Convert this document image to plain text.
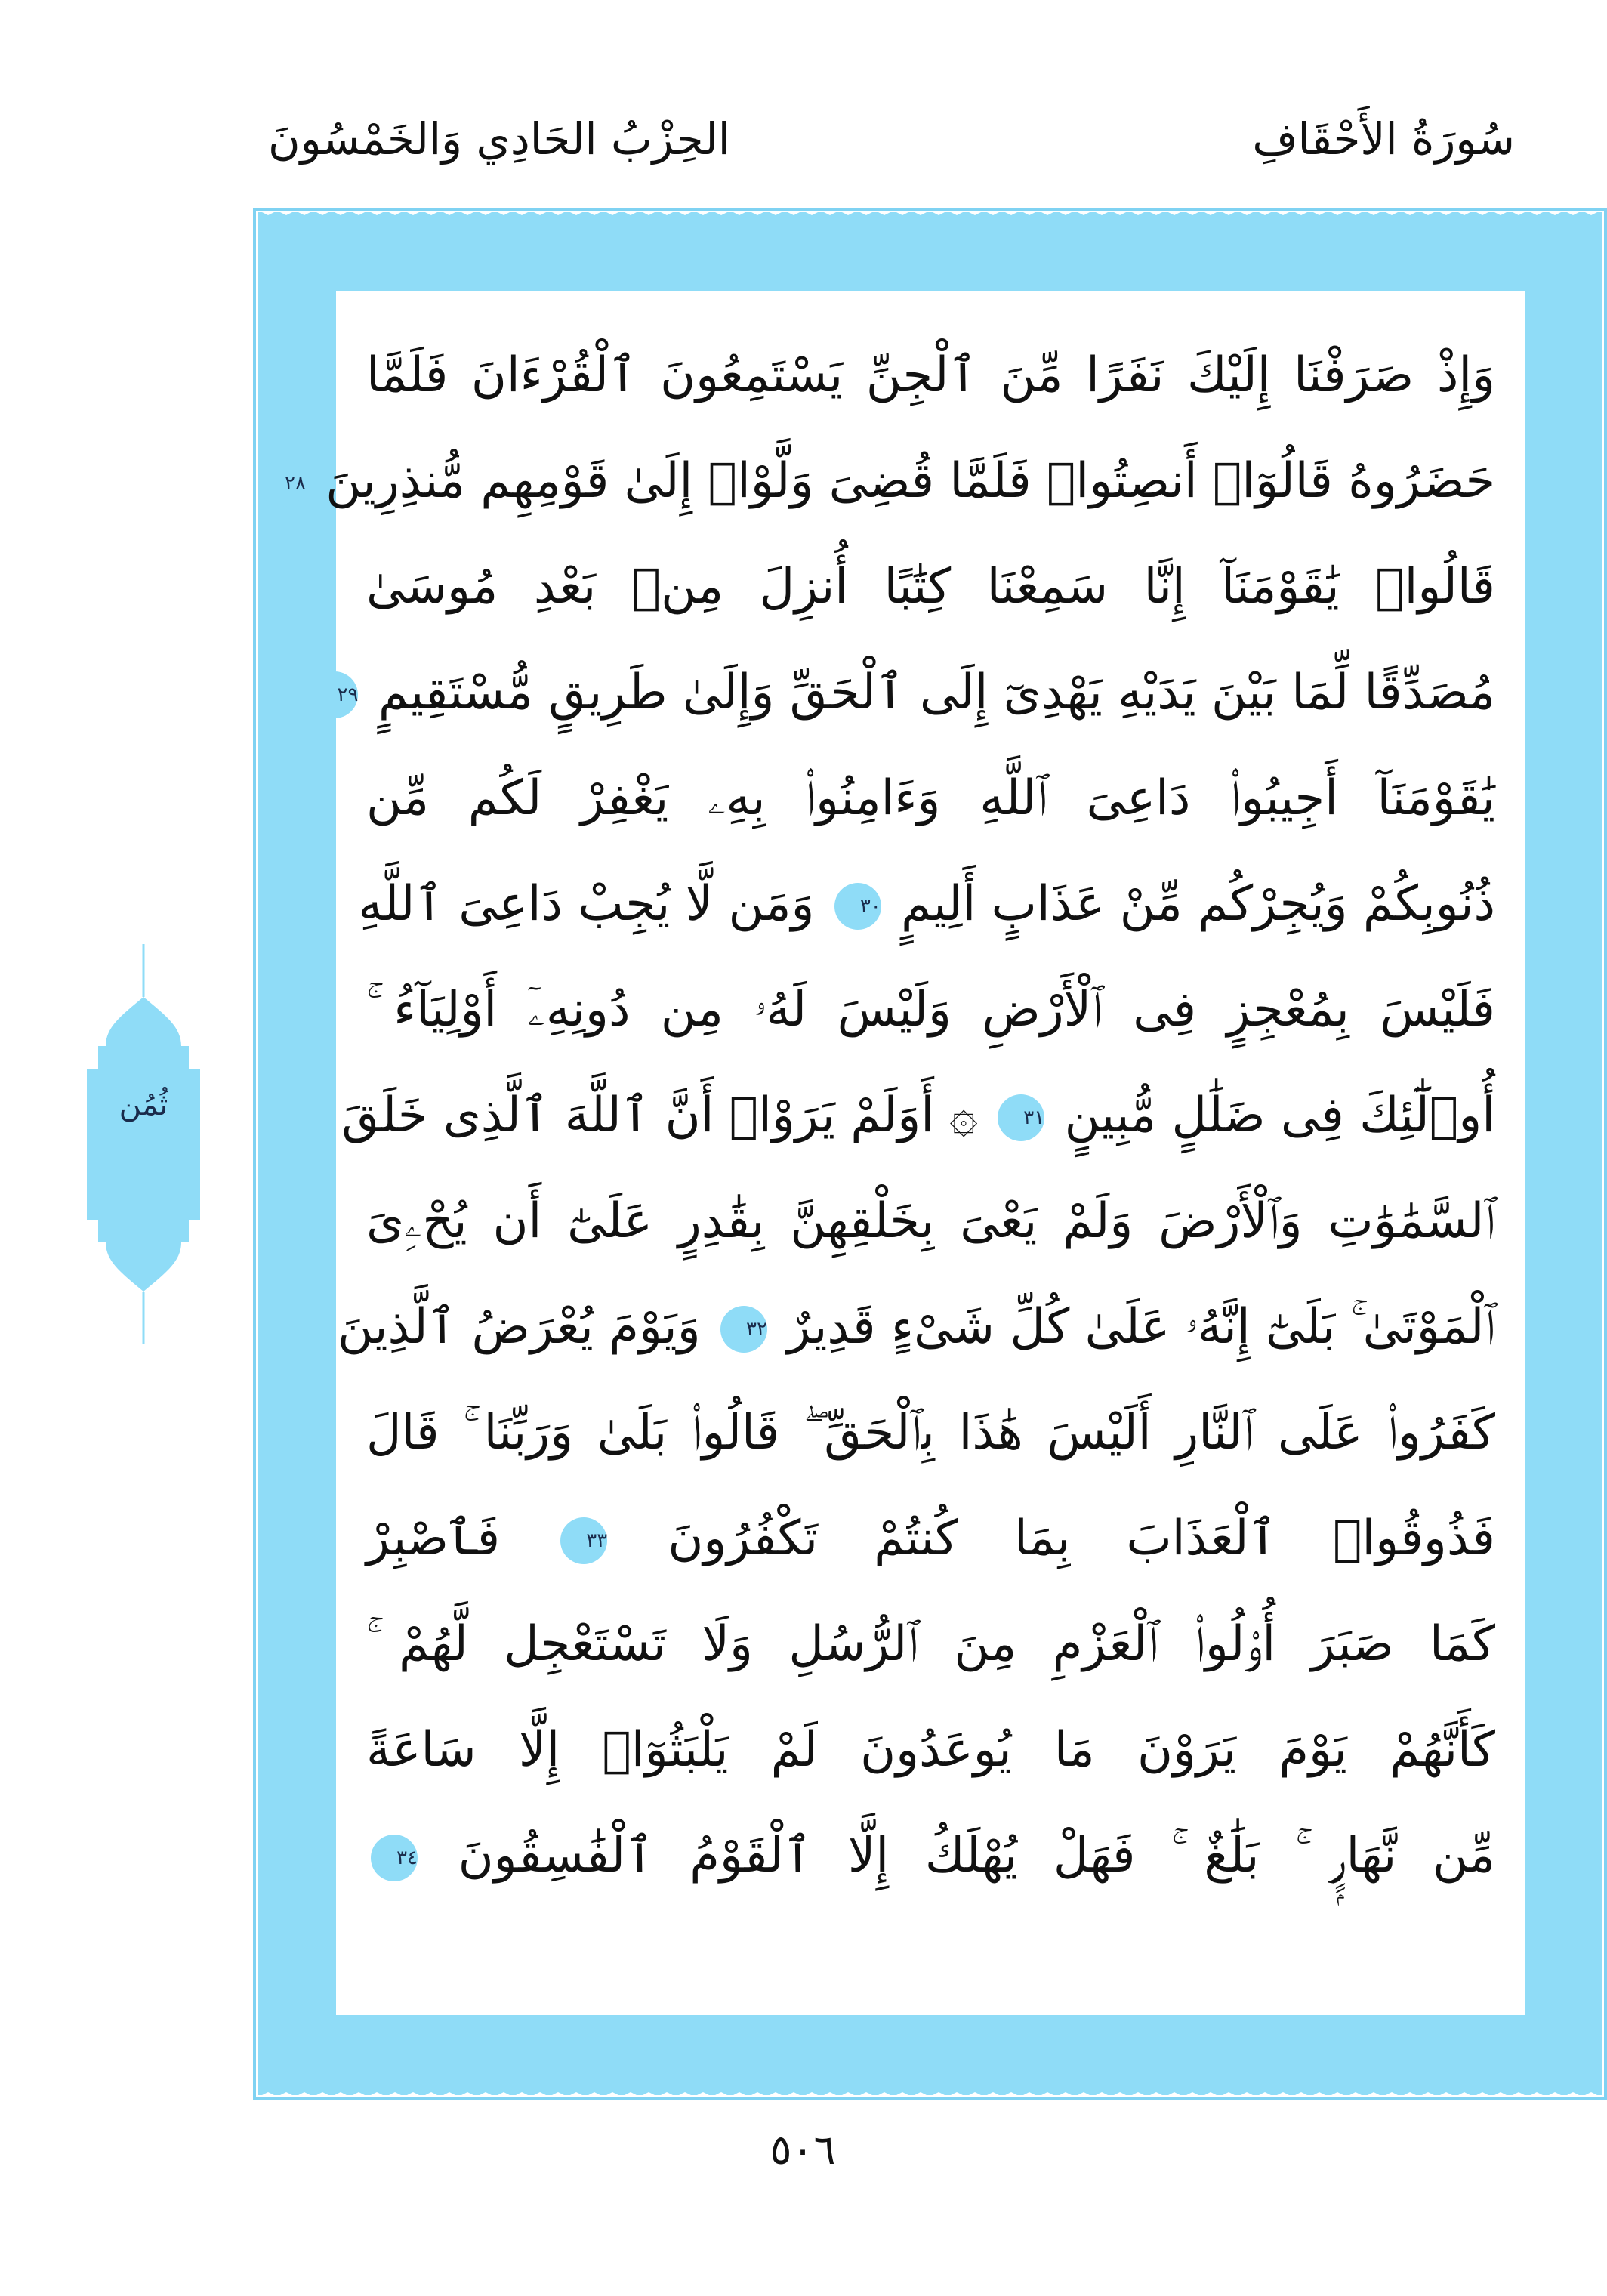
سُورَةُ الأَحْقَافِ
الحِزْبُ الحَادِي وَالخَمْسُونَ
ثُمُن
وَإِذْ صَرَفْنَا إِلَيْكَ نَفَرًا مِّنَ ٱلْجِنِّ يَسْتَمِعُونَ ٱلْقُرْءَانَ فَلَمَّا
حَضَرُوهُ قَالُوٓا۟ أَنصِتُوا۟ فَلَمَّا قُضِىَ وَلَّوْا۟ إِلَىٰ قَوْمِهِم مُّنذِرِينَ ٢٨
قَالُوا۟ يَٰقَوْمَنَآ إِنَّا سَمِعْنَا كِتَٰبًا أُنزِلَ مِنۢ بَعْدِ مُوسَىٰ
مُصَدِّقًا لِّمَا بَيْنَ يَدَيْهِ يَهْدِىٓ إِلَى ٱلْحَقِّ وَإِلَىٰ طَرِيقٍ مُّسْتَقِيمٍ ٢٩
يَٰقَوْمَنَآ أَجِيبُوا۟ دَاعِىَ ٱللَّهِ وَءَامِنُوا۟ بِهِۦ يَغْفِرْ لَكُم مِّن
ذُنُوبِكُمْ وَيُجِرْكُم مِّنْ عَذَابٍ أَلِيمٍ ٣٠ وَمَن لَّا يُجِبْ دَاعِىَ ٱللَّهِ
فَلَيْسَ بِمُعْجِزٍ فِى ٱلْأَرْضِ وَلَيْسَ لَهُۥ مِن دُونِهِۦٓ أَوْلِيَآءُ ۚ
أُو۟لَٰٓئِكَ فِى ضَلَٰلٍ مُّبِينٍ ٣١ ۞ أَوَلَمْ يَرَوْا۟ أَنَّ ٱللَّهَ ٱلَّذِى خَلَقَ
ٱلسَّمَٰوَٰتِ وَٱلْأَرْضَ وَلَمْ يَعْىَ بِخَلْقِهِنَّ بِقَٰدِرٍ عَلَىٰٓ أَن يُحْۦِىَ
ٱلْمَوْتَىٰ ۚ بَلَىٰٓ إِنَّهُۥ عَلَىٰ كُلِّ شَىْءٍ قَدِيرٌ ٣٢ وَيَوْمَ يُعْرَضُ ٱلَّذِينَ
كَفَرُوا۟ عَلَى ٱلنَّارِ أَلَيْسَ هَٰذَا بِٱلْحَقِّ ۖ قَالُوا۟ بَلَىٰ وَرَبِّنَا ۚ قَالَ
فَذُوقُوا۟ ٱلْعَذَابَ بِمَا كُنتُمْ تَكْفُرُونَ ٣٣ فَٱصْبِرْ
كَمَا صَبَرَ أُو۟لُوا۟ ٱلْعَزْمِ مِنَ ٱلرُّسُلِ وَلَا تَسْتَعْجِل لَّهُمْ ۚ
كَأَنَّهُمْ يَوْمَ يَرَوْنَ مَا يُوعَدُونَ لَمْ يَلْبَثُوٓا۟ إِلَّا سَاعَةً
مِّن نَّهَارٍۭ ۚ بَلَٰغٌ ۚ فَهَلْ يُهْلَكُ إِلَّا ٱلْقَوْمُ ٱلْفَٰسِقُونَ ٣٤
٥٠٦
